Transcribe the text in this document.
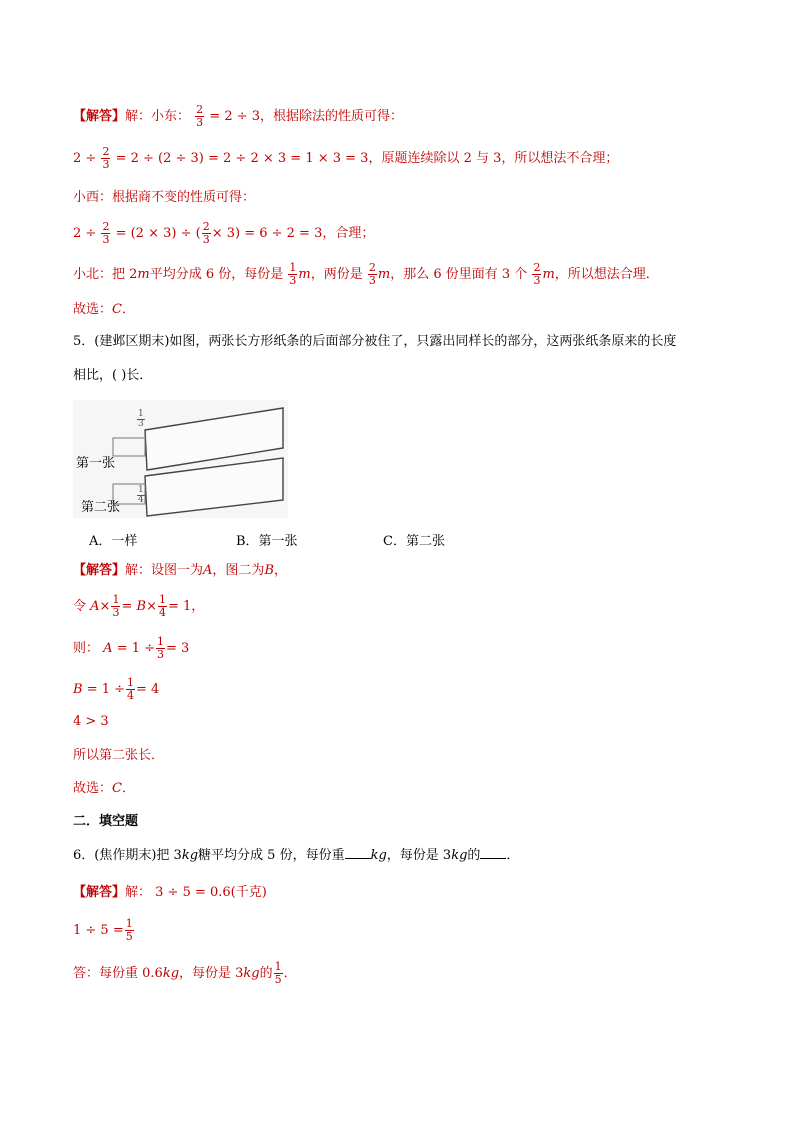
【解答】解：小东： $\frac{2}{3} = 2 \div 3$，根据除法的性质可得：
$2 \div \frac{2}{3} = 2 \div (2 \div 3) = 2 \div 2 \times 3 = 1 \times 3 = 3$，原题连续除以 2 与 3，所以想法不合理；
小西：根据商不变的性质可得：
$2 \div \frac{2}{3} = (2 \times 3)$ ÷ ( $\frac{2}{3} \times 3) = 6 \div 2 = 3$，合理；
小北：把 2m平均分成 6 份，每份是 $\frac{1}{3}$ m，两份是 $\frac{2}{3}$ m，那么 6 份里面有 3 个 $\frac{2}{3}$ m，所以想法合理．
故选：C．
5．(建邺区期末)如图，两张长方形纸条的后面部分被住了，只露出同样长的部分，这两张纸条原来的长度
相比，( )长．
$\frac{1}{3}$
第一张
$\frac{1}{4}$
第二张
A．一样	B．第一张	C．第二张
【解答】解：设图一为A，图二为B，
令 $A\times \frac{1}{3} = B\times \frac{1}{4} = 1$，
则： $A = 1 \div \frac{1}{3} = 3$
$B = 1 \div \frac{1}{4} = 4$
4 > 3
所以第二张长．
故选：C．
二．填空题
6．(焦作期末)把 3kg糖平均分成 5 份，每份重 kg，每份是 3kg的 ．
【解答】解： 3 ÷ 5 = 0.6(千克)
$1 \div 5 = \frac{1}{5}$
答：每份重 0.6kg，每份是 3kg的 $\frac{1}{5}$ ．
